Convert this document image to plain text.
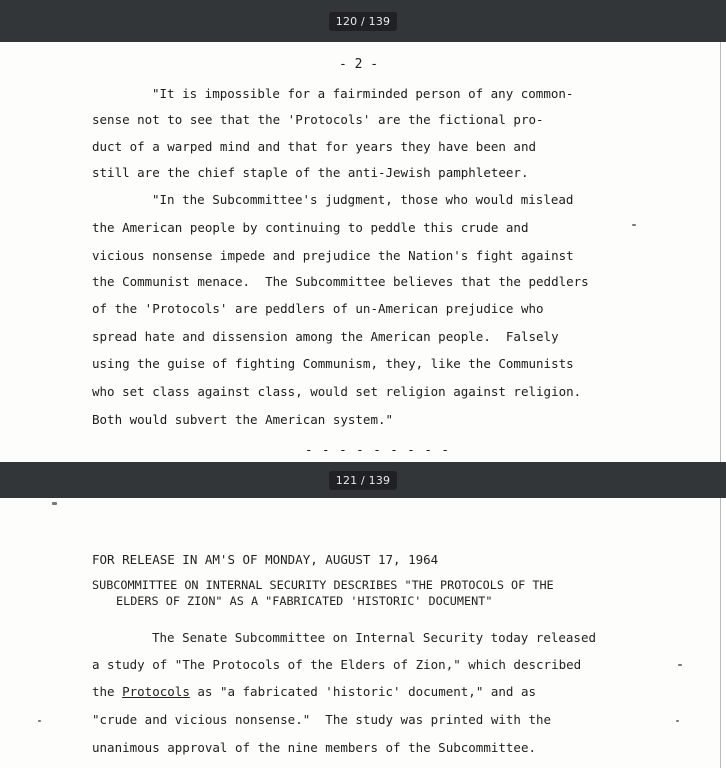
120 / 139

- 2 -

"It is impossible for a fairminded person of any common-

sense not to see that the 'Protocols' are the fictional pro-

duct of a warped mind and that for years they have been and

still are the chief staple of the anti-Jewish pamphleteer.

"In the Subcommittee's judgment, those who would mislead

the American people by continuing to peddle this crude and

vicious nonsense impede and prejudice the Nation's fight against

the Communist menace.  The Subcommittee believes that the peddlers

of the 'Protocols' are peddlers of un-American prejudice who

spread hate and dissension among the American people.  Falsely

using the guise of fighting Communism, they, like the Communists

who set class against class, would set religion against religion.

Both would subvert the American system."

- - - - - - - - -

121 / 139

FOR RELEASE IN AM'S OF MONDAY, AUGUST 17, 1964

SUBCOMMITTEE ON INTERNAL SECURITY DESCRIBES "THE PROTOCOLS OF THE

ELDERS OF ZION" AS A "FABRICATED 'HISTORIC' DOCUMENT"

The Senate Subcommittee on Internal Security today released

a study of "The Protocols of the Elders of Zion," which described

the Protocols as "a fabricated 'historic' document," and as

"crude and vicious nonsense."  The study was printed with the

unanimous approval of the nine members of the Subcommittee.
